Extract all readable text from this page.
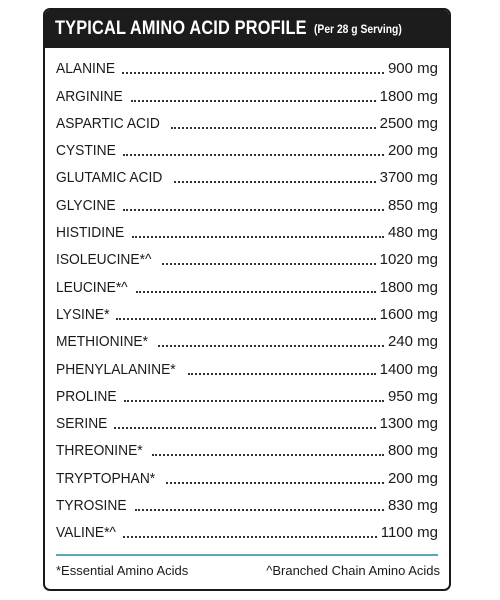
TYPICAL AMINO ACID PROFILE (Per 28 g Serving)
ALANINE	900 mg
ARGININE	1800 mg
ASPARTIC ACID	2500 mg
CYSTINE	200 mg
GLUTAMIC ACID	3700 mg
GLYCINE	850 mg
HISTIDINE	480 mg
ISOLEUCINE*^	1020 mg
LEUCINE*^	1800 mg
LYSINE*	1600 mg
METHIONINE*	240 mg
PHENYLALANINE*	1400 mg
PROLINE	950 mg
SERINE	1300 mg
THREONINE*	800 mg
TRYPTOPHAN*	200 mg
TYROSINE	830 mg
VALINE*^	1100 mg
*Essential Amino Acids	^Branched Chain Amino Acids
